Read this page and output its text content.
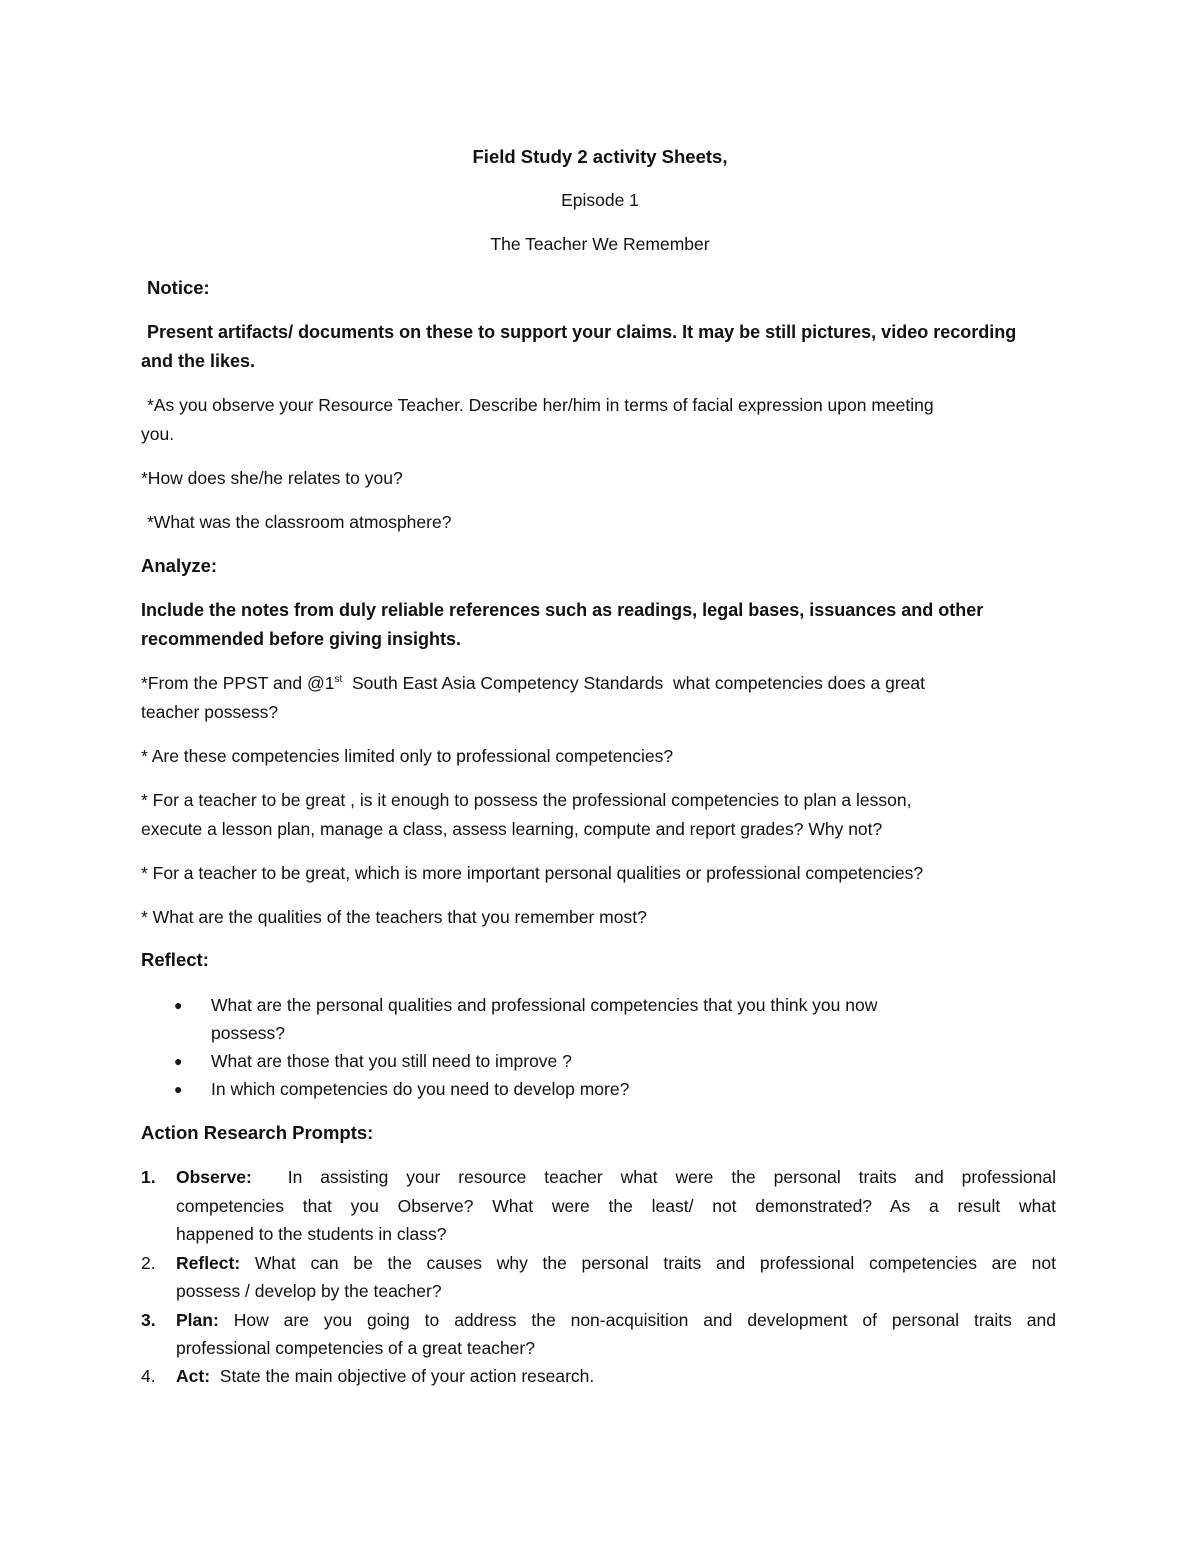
Field Study 2 activity Sheets,
Episode 1
The Teacher We Remember
Notice:
Present artifacts/ documents on these to support your claims. It may be still pictures, video recording
and the likes.
*As you observe your Resource Teacher. Describe her/him in terms of facial expression upon meeting
you.
*How does she/he relates to you?
*What was the classroom atmosphere?
Analyze:
Include the notes from duly reliable references such as readings, legal bases, issuances and other
recommended before giving insights.
*From the PPST and @1st  South East Asia Competency Standards  what competencies does a great
teacher possess?
* Are these competencies limited only to professional competencies?
* For a teacher to be great , is it enough to possess the professional competencies to plan a lesson,
execute a lesson plan, manage a class, assess learning, compute and report grades? Why not?
* For a teacher to be great, which is more important personal qualities or professional competencies?
* What are the qualities of the teachers that you remember most?
Reflect:
● What are the personal qualities and professional competencies that you think you now
possess?
● What are those that you still need to improve ?
● In which competencies do you need to develop more?
Action Research Prompts:
1. Observe: In assisting your resource teacher what were the personal traits and professional
competencies that you Observe? What were the least/ not demonstrated? As a result what
happened to the students in class?
2. Reflect: What can be the causes why the personal traits and professional competencies are not
possess / develop by the teacher?
3. Plan: How are you going to address the non-acquisition and development of personal traits and
professional competencies of a great teacher?
4. Act: State the main objective of your action research.
